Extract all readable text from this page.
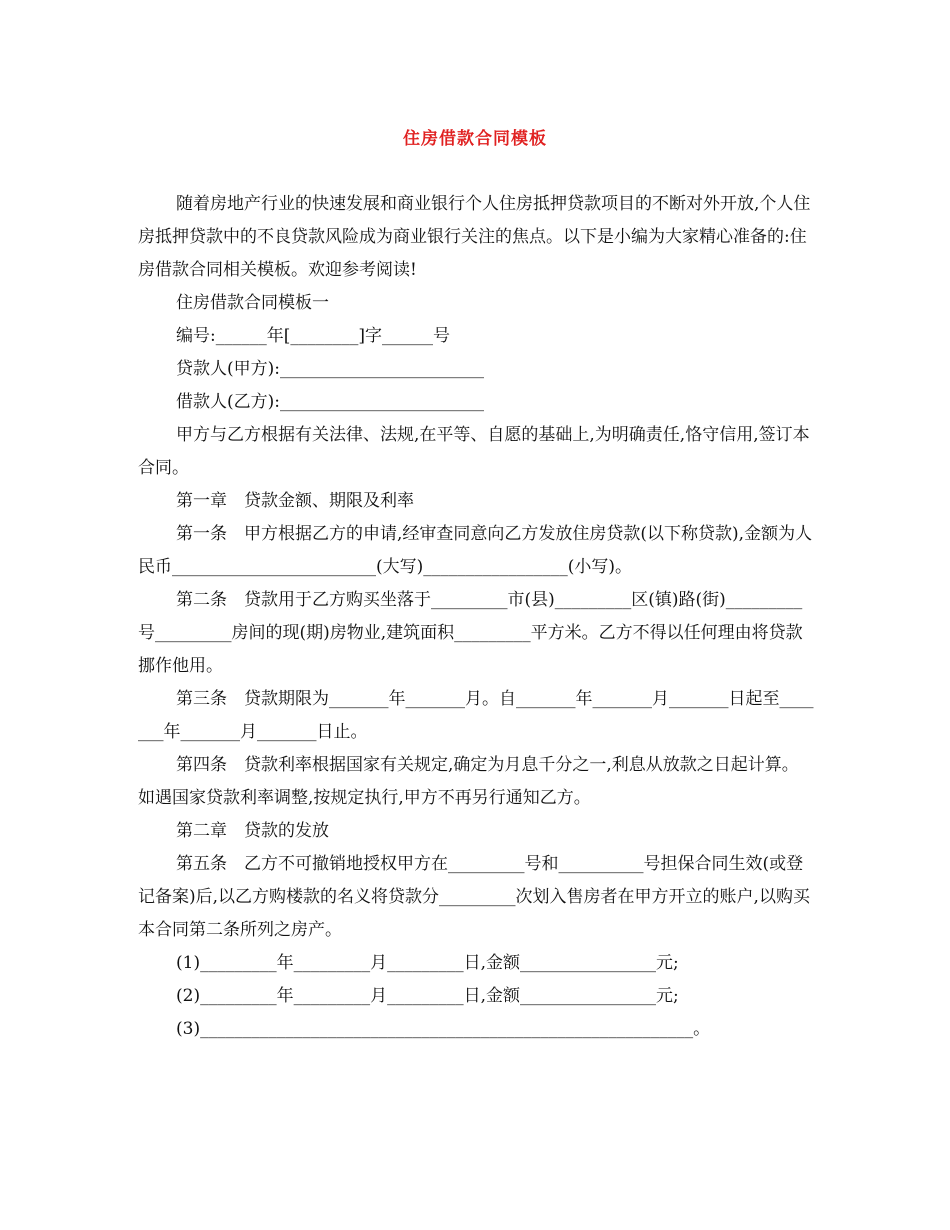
住房借款合同模板

随着房地产行业的快速发展和商业银行个人住房抵押贷款项目的不断对外开放,个人住房抵押贷款中的不良贷款风险成为商业银行关注的焦点。以下是小编为大家精心准备的:住房借款合同相关模板。欢迎参考阅读!

住房借款合同模板一

编号:______年[________]字______号

贷款人(甲方):________________________

借款人(乙方):________________________

甲方与乙方根据有关法律、法规,在平等、自愿的基础上,为明确责任,恪守信用,签订本合同。

第一章　贷款金额、期限及利率

第一条　甲方根据乙方的申请,经审查同意向乙方发放住房贷款(以下称贷款),金额为人民币________________________(大写)_________________(小写)。

第二条　贷款用于乙方购买坐落于_________市(县)_________区(镇)路(街)_________号_________房间的现(期)房物业,建筑面积_________平方米。乙方不得以任何理由将贷款挪作他用。

第三条　贷款期限为_______年_______月。自_______年_______月_______日起至_______年_______月_______日止。

第四条　贷款利率根据国家有关规定,确定为月息千分之一,利息从放款之日起计算。如遇国家贷款利率调整,按规定执行,甲方不再另行通知乙方。

第二章　贷款的发放

第五条　乙方不可撤销地授权甲方在_________号和__________号担保合同生效(或登记备案)后,以乙方购楼款的名义将贷款分_________次划入售房者在甲方开立的账户,以购买本合同第二条所列之房产。

(1)_________年_________月_________日,金额________________元;

(2)_________年_________月_________日,金额________________元;

(3)__________________________________________________________。
